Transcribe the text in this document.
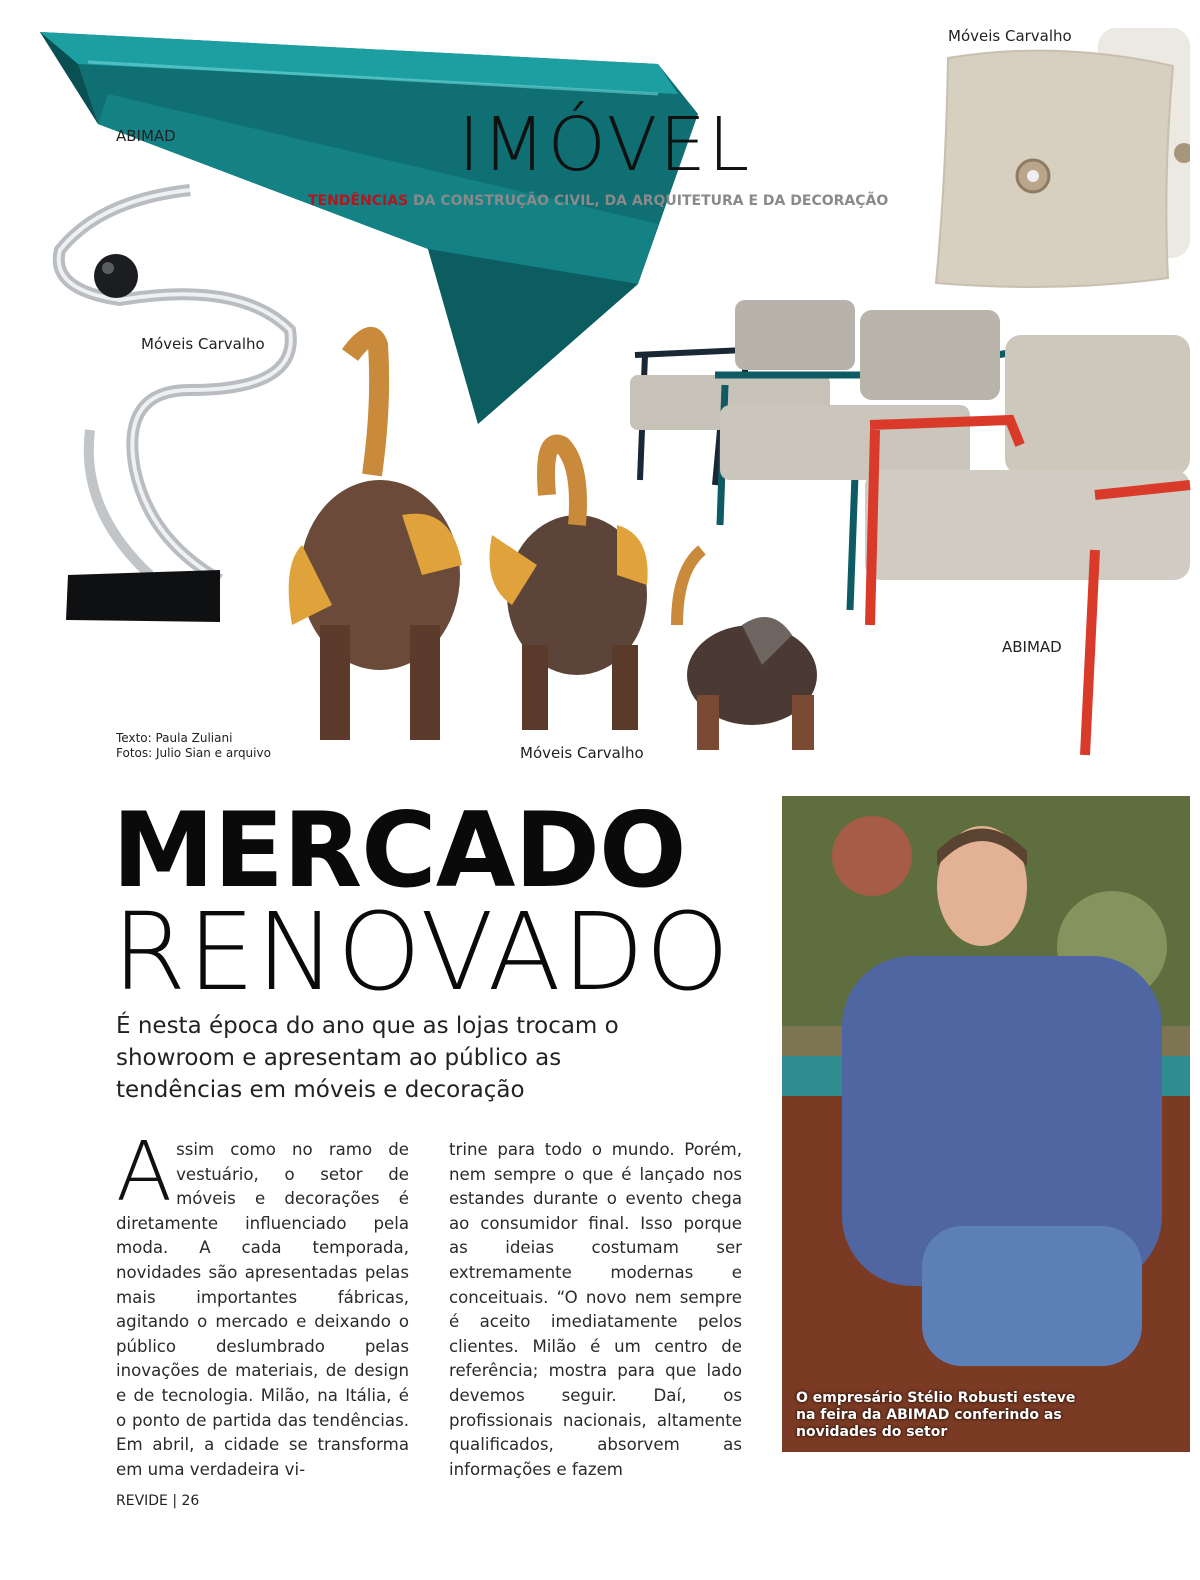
ABIMAD
Móveis Carvalho
Móveis Carvalho
ABIMAD
Móveis Carvalho
IMÓVEL
TENDÊNCIAS DA CONSTRUÇÃO CIVIL, DA ARQUITETURA E DA DECORAÇÃO
Texto: Paula Zuliani
Fotos: Julio Sian e arquivo
MERCADO
RENOVADO
É nesta época do ano que as lojas trocam o showroom e apresentam ao público as tendências em móveis e decoração
Assim como no ramo de vestuário, o setor de móveis e decorações é diretamente influenciado pela moda. A cada temporada, novidades são apresentadas pelas mais importantes fábricas, agitando o mercado e deixando o público deslumbrado pelas inovações de materiais, de design e de tecnologia. Milão, na Itália, é o ponto de partida das tendências. Em abril, a cidade se transforma em uma verdadeira vi-
trine para todo o mundo. Porém, nem sempre o que é lançado nos estandes durante o evento chega ao consumidor final. Isso porque as ideias costumam ser extremamente modernas e conceituais. “O novo nem sempre é aceito imediatamente pelos clientes. Milão é um centro de referência; mostra para que lado devemos seguir. Daí, os profissionais nacionais, altamente qualificados, absorvem as informações e fazem
O empresário Stélio Robusti esteve na feira da ABIMAD conferindo as novidades do setor
REVIDE | 26
